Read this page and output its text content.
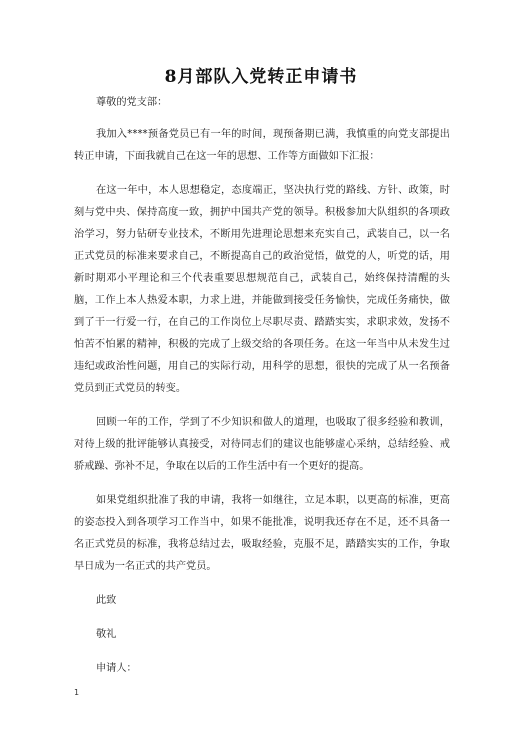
8月部队入党转正申请书

尊敬的党支部：

我加入****预备党员已有一年的时间，现预备期已满，我慎重的向党支部提出转正申请，下面我就自己在这一年的思想、工作等方面做如下汇报：

在这一年中，本人思想稳定，态度端正，坚决执行党的路线、方针、政策，时刻与党中央、保持高度一致，拥护中国共产党的领导。积极参加大队组织的各项政治学习，努力钻研专业技术，不断用先进理论思想来充实自己，武装自己，以一名正式党员的标准来要求自己，不断提高自己的政治觉悟，做党的人，听党的话，用新时期邓小平理论和三个代表重要思想规范自己，武装自己，始终保持清醒的头脑，工作上本人热爱本职，力求上进，并能做到接受任务愉快，完成任务痛快，做到了干一行爱一行，在自己的工作岗位上尽职尽责、踏踏实实，求职求效，发扬不怕苦不怕累的精神，积极的完成了上级交给的各项任务。在这一年当中从未发生过违纪或政治性问题，用自己的实际行动，用科学的思想，很快的完成了从一名预备党员到正式党员的转变。

回顾一年的工作，学到了不少知识和做人的道理，也吸取了很多经验和教训，对待上级的批评能够认真接受，对待同志们的建议也能够虚心采纳，总结经验、戒骄戒躁、弥补不足，争取在以后的工作生活中有一个更好的提高。

如果党组织批准了我的申请，我将一如继往，立足本职，以更高的标准，更高的姿态投入到各项学习工作当中，如果不能批准，说明我还存在不足，还不具备一名正式党员的标准，我将总结过去，吸取经验，克服不足，踏踏实实的工作，争取早日成为一名正式的共产党员。

此致

敬礼

申请人：

1
